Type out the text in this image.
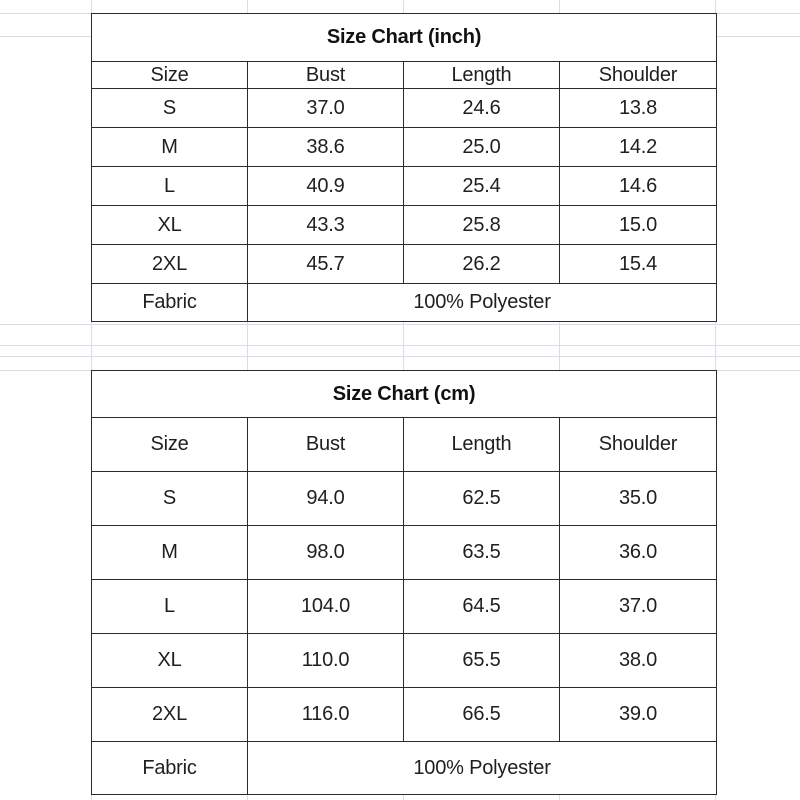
Size Chart (inch)			
Size	Bust	Length	Shoulder
S	37.0	24.6	13.8
M	38.6	25.0	14.2
L	40.9	25.4	14.6
XL	43.3	25.8	15.0
2XL	45.7	26.2	15.4
Fabric	100% Polyester		
Size Chart (cm)			
Size	Bust	Length	Shoulder
S	94.0	62.5	35.0
M	98.0	63.5	36.0
L	104.0	64.5	37.0
XL	110.0	65.5	38.0
2XL	116.0	66.5	39.0
Fabric	100% Polyester		
